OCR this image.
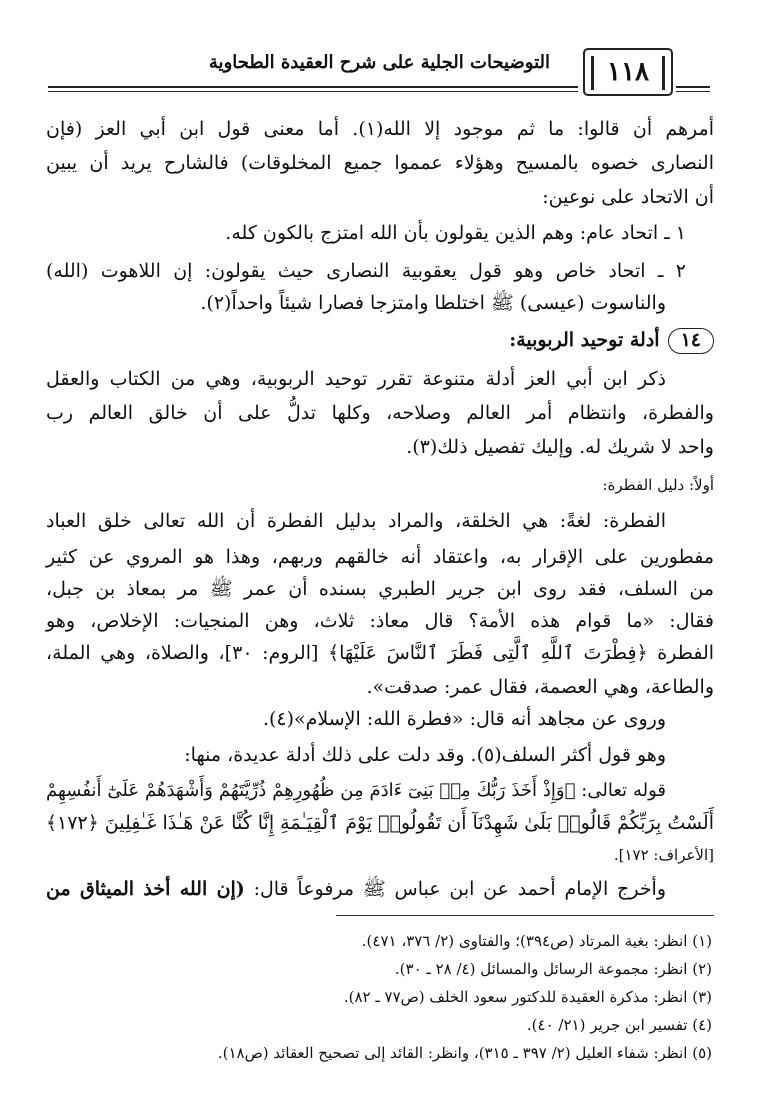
التوضيحات الجلية على شرح العقيدة الطحاوية ١١٨
أمرهم أن قالوا: ما ثم موجود إلا الله(١). أما معنى قول ابن أبي العز (فإن
النصارى خصوه بالمسيح وهؤلاء عمموا جميع المخلوقات) فالشارح يريد أن يبين
أن الاتحاد على نوعين:
١ ـ اتحاد عام: وهم الذين يقولون بأن الله امتزج بالكون كله.
٢ ـ اتحاد خاص وهو قول يعقوبية النصارى حيث يقولون: إن اللاهوت (الله)
والناسوت (عيسى) ﷺ اختلطا وامتزجا فصارا شيئاً واحداً(٢).
١٤أدلة توحيد الربوبية:
ذكر ابن أبي العز أدلة متنوعة تقرر توحيد الربوبية، وهي من الكتاب والعقل
والفطرة، وانتظام أمر العالم وصلاحه، وكلها تدلُّ على أن خالق العالم رب
واحد لا شريك له. وإليك تفصيل ذلك(٣).
أولاً: دليل الفطرة:
الفطرة: لغةً: هي الخلقة، والمراد بدليل الفطرة أن الله تعالى خلق العباد
مفطورين على الإقرار به، واعتقاد أنه خالقهم وربهم، وهذا هو المروي عن كثير
من السلف، فقد روى ابن جرير الطبري بسنده أن عمر ﷺ مر بمعاذ بن جبل،
فقال: «ما قوام هذه الأمة؟ قال معاذ: ثلاث، وهن المنجيات: الإخلاص، وهو
الفطرة ﴿فِطْرَتَ ٱللَّهِ ٱلَّتِى فَطَرَ ٱلنَّاسَ عَلَيْهَا﴾ [الروم: ٣٠]، والصلاة، وهي الملة،
والطاعة، وهي العصمة، فقال عمر: صدقت».
وروى عن مجاهد أنه قال: «فطرة الله: الإسلام»(٤).
وهو قول أكثر السلف(٥). وقد دلت على ذلك أدلة عديدة، منها:
قوله تعالى: ﴿وَإِذْ أَخَذَ رَبُّكَ مِنۢ بَنِىٓ ءَادَمَ مِن ظُهُورِهِمْ ذُرِّيَّتَهُمْ وَأَشْهَدَهُمْ عَلَىٰٓ أَنفُسِهِمْ
أَلَسْتُ بِرَبِّكُمْ قَالُوا۟ بَلَىٰ شَهِدْنَآ أَن تَقُولُوا۟ يَوْمَ ٱلْقِيَـٰمَةِ إِنَّا كُنَّا عَنْ هَـٰذَا غَـٰفِلِينَ ﴿١٧٢﴾
[الأعراف: ١٧٢].
وأخرج الإمام أحمد عن ابن عباس ﷺ مرفوعاً قال: (إن الله أخذ الميثاق من
(١) انظر: بغية المرتاد (ص٣٩٤)؛ والفتاوى (٢/ ٣٧٦، ٤٧١).
(٢) انظر: مجموعة الرسائل والمسائل (٤/ ٢٨ ـ ٣٠).
(٣) انظر: مذكرة العقيدة للدكتور سعود الخلف (ص٧٧ ـ ٨٢).
(٤) تفسير ابن جرير (٢١/ ٤٠).
(٥) انظر: شفاء العليل (٢/ ٣٩٧ ـ ٣١٥)، وانظر: القائد إلى تصحيح العقائد (ص١٨).
